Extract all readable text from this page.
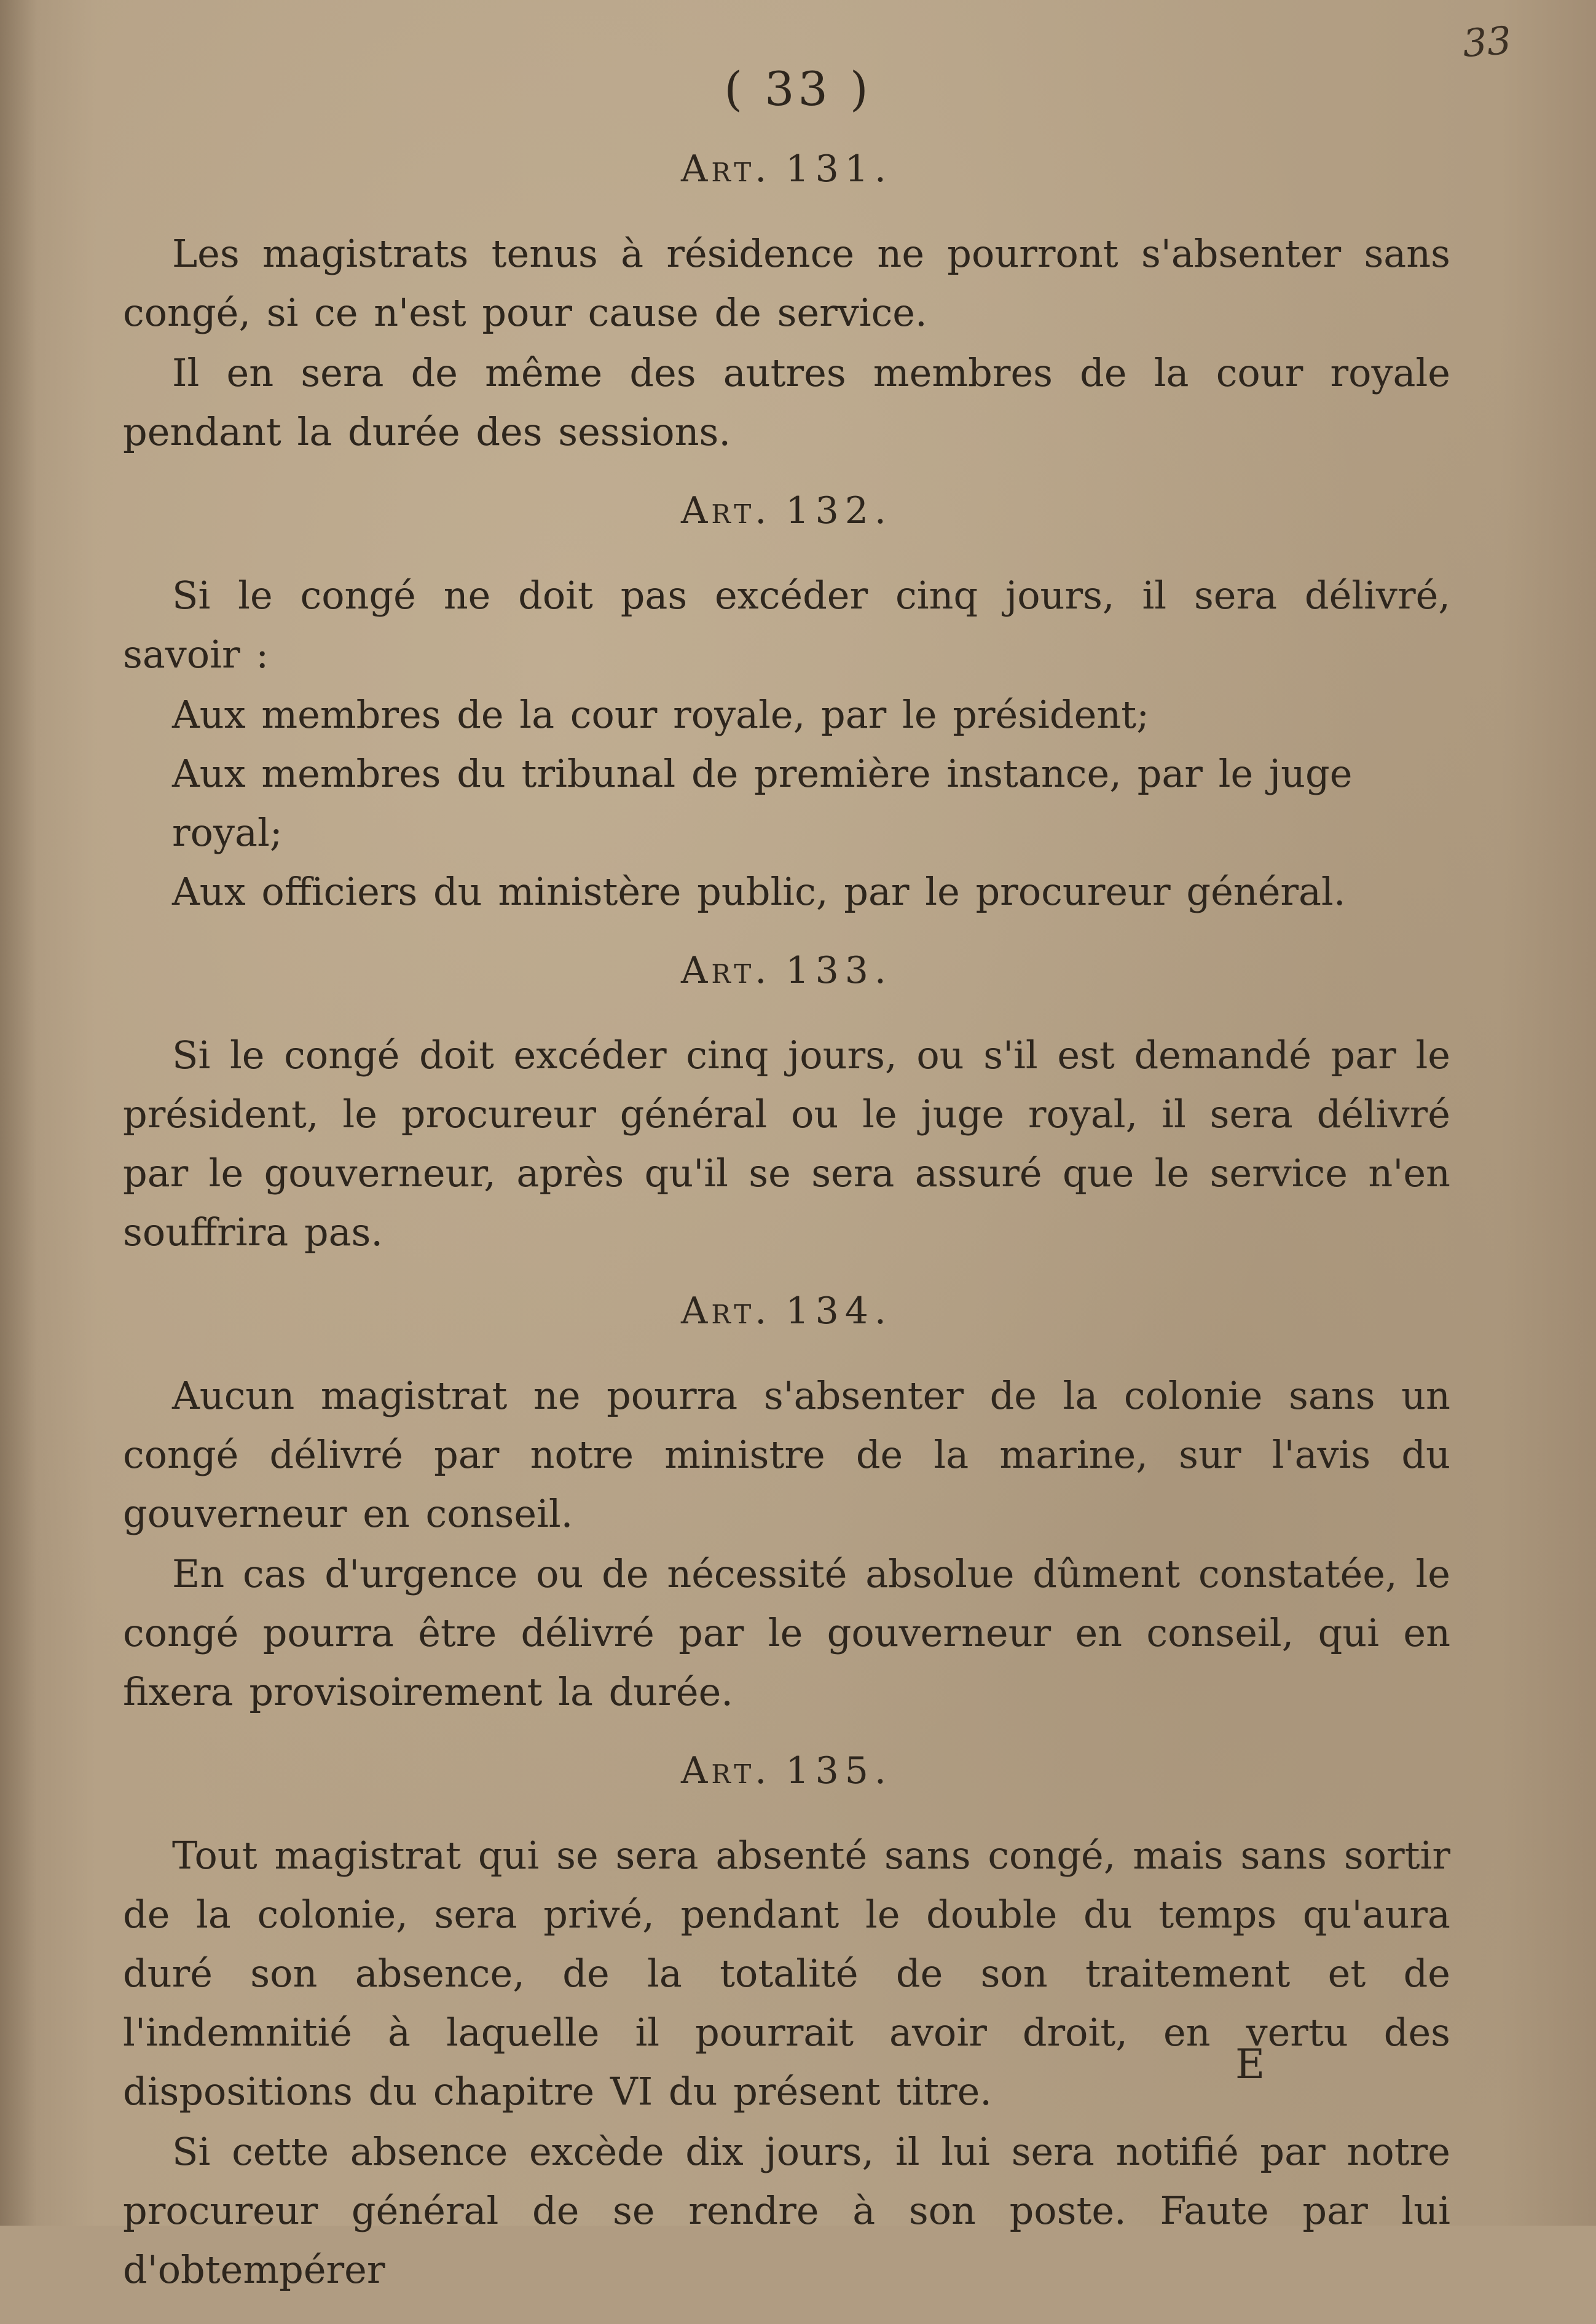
33
( 33 )
Art. 131.

Les magistrats tenus à résidence ne pourront s'absenter sans congé, si ce n'est pour cause de service.

Il en sera de même des autres membres de la cour royale pendant la durée des sessions.

Art. 132.

Si le congé ne doit pas excéder cinq jours, il sera délivré, savoir :

Aux membres de la cour royale, par le président;

Aux membres du tribunal de première instance, par le juge royal;

Aux officiers du ministère public, par le procureur général.

Art. 133.

Si le congé doit excéder cinq jours, ou s'il est demandé par le président, le procureur général ou le juge royal, il sera délivré par le gouverneur, après qu'il se sera assuré que le service n'en souffrira pas.

Art. 134.

Aucun magistrat ne pourra s'absenter de la colonie sans un congé délivré par notre ministre de la marine, sur l'avis du gouverneur en conseil.

En cas d'urgence ou de nécessité absolue dûment constatée, le congé pourra être délivré par le gouverneur en conseil, qui en fixera provisoirement la durée.

Art. 135.

Tout magistrat qui se sera absenté sans congé, mais sans sortir de la colonie, sera privé, pendant le double du temps qu'aura duré son absence, de la totalité de son traitement et de l'indemnitié à laquelle il pourrait avoir droit, en vertu des dispositions du chapitre VI du présent titre.

Si cette absence excède dix jours, il lui sera notifié par notre procureur général de se rendre à son poste. Faute par lui d'obtempérer

E
